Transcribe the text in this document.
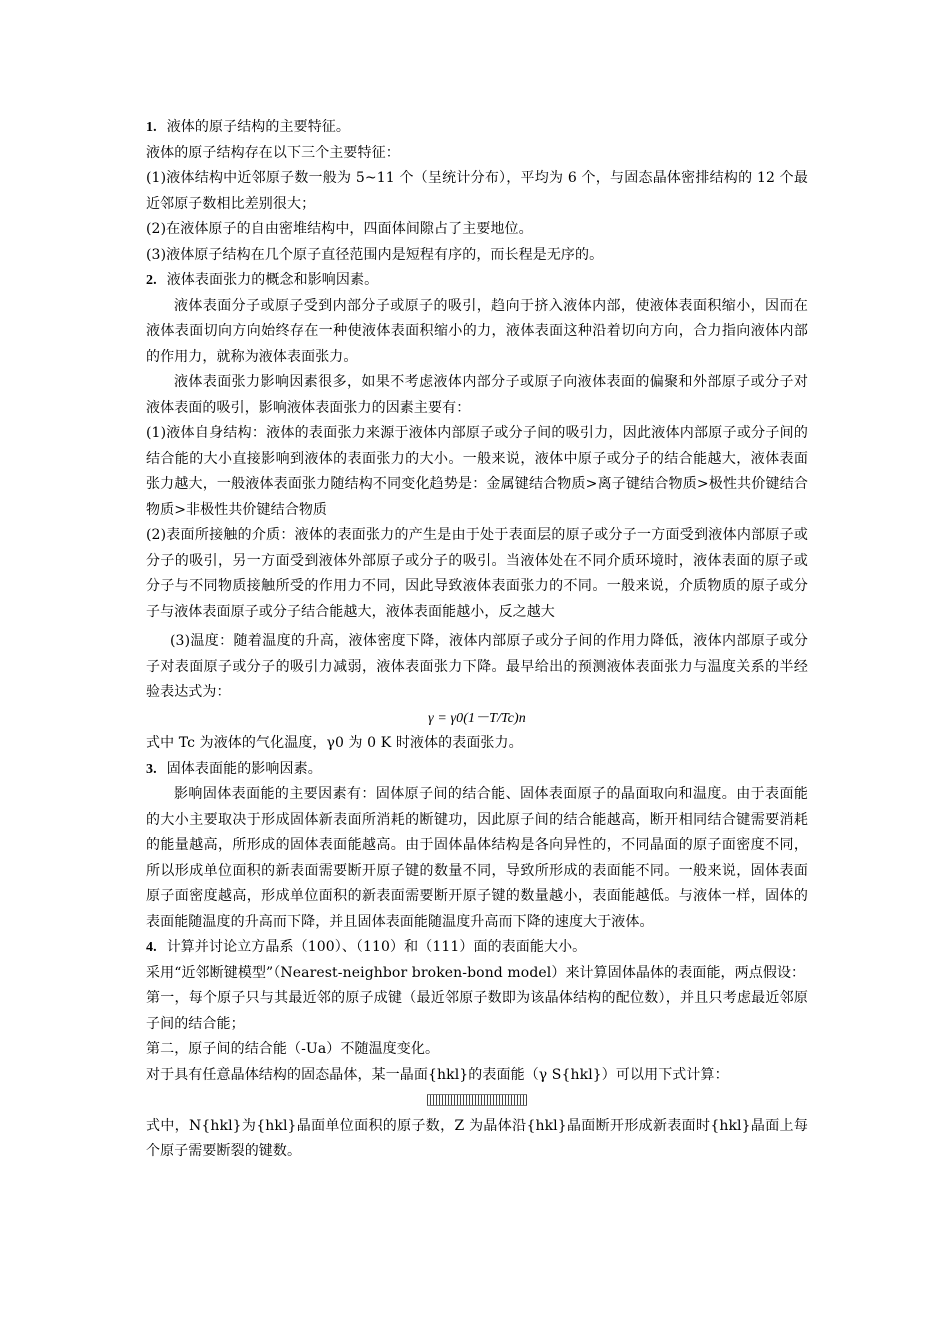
1. 液体的原子结构的主要特征。

液体的原子结构存在以下三个主要特征：

(1)液体结构中近邻原子数一般为 5~11 个（呈统计分布），平均为 6 个，与固态晶体密排结构的 12 个最近邻原子数相比差别很大；

(2)在液体原子的自由密堆结构中，四面体间隙占了主要地位。

(3)液体原子结构在几个原子直径范围内是短程有序的，而长程是无序的。

2. 液体表面张力的概念和影响因素。

液体表面分子或原子受到内部分子或原子的吸引，趋向于挤入液体内部，使液体表面积缩小，因而在液体表面切向方向始终存在一种使液体表面积缩小的力，液体表面这种沿着切向方向，合力指向液体内部的作用力，就称为液体表面张力。

液体表面张力影响因素很多，如果不考虑液体内部分子或原子向液体表面的偏聚和外部原子或分子对液体表面的吸引，影响液体表面张力的因素主要有：

(1)液体自身结构：液体的表面张力来源于液体内部原子或分子间的吸引力，因此液体内部原子或分子间的结合能的大小直接影响到液体的表面张力的大小。一般来说，液体中原子或分子的结合能越大，液体表面张力越大，一般液体表面张力随结构不同变化趋势是：金属键结合物质>离子键结合物质>极性共价键结合物质>非极性共价键结合物质

(2)表面所接触的介质：液体的表面张力的产生是由于处于表面层的原子或分子一方面受到液体内部原子或分子的吸引，另一方面受到液体外部原子或分子的吸引。当液体处在不同介质环境时，液体表面的原子或分子与不同物质接触所受的作用力不同，因此导致液体表面张力的不同。一般来说，介质物质的原子或分子与液体表面原子或分子结合能越大，液体表面能越小，反之越大

(3)温度：随着温度的升高，液体密度下降，液体内部原子或分子间的作用力降低，液体内部原子或分子对表面原子或分子的吸引力减弱，液体表面张力下降。最早给出的预测液体表面张力与温度关系的半经验表达式为：

γ = γ0(1－T/Tc)n

式中 Tc 为液体的气化温度，γ0 为 0 K 时液体的表面张力。

3. 固体表面能的影响因素。

影响固体表面能的主要因素有：固体原子间的结合能、固体表面原子的晶面取向和温度。由于表面能的大小主要取决于形成固体新表面所消耗的断键功，因此原子间的结合能越高，断开相同结合键需要消耗的能量越高，所形成的固体表面能越高。由于固体晶体结构是各向异性的，不同晶面的原子面密度不同，所以形成单位面积的新表面需要断开原子键的数量不同，导致所形成的表面能不同。一般来说，固体表面原子面密度越高，形成单位面积的新表面需要断开原子键的数量越小，表面能越低。与液体一样，固体的表面能随温度的升高而下降，并且固体表面能随温度升高而下降的速度大于液体。

4. 计算并讨论立方晶系（100）、（110）和（111）面的表面能大小。

采用“近邻断键模型”（Nearest-neighbor broken-bond model）来计算固体晶体的表面能，两点假设：

第一，每个原子只与其最近邻的原子成键（最近邻原子数即为该晶体结构的配位数），并且只考虑最近邻原子间的结合能；

第二，原子间的结合能（-Ua）不随温度变化。

对于具有任意晶体结构的固态晶体，某一晶面{hkl}的表面能（γ S{hkl}）可以用下式计算：

式中，N{hkl}为{hkl}晶面单位面积的原子数，Z 为晶体沿{hkl}晶面断开形成新表面时{hkl}晶面上每个原子需要断裂的键数。
